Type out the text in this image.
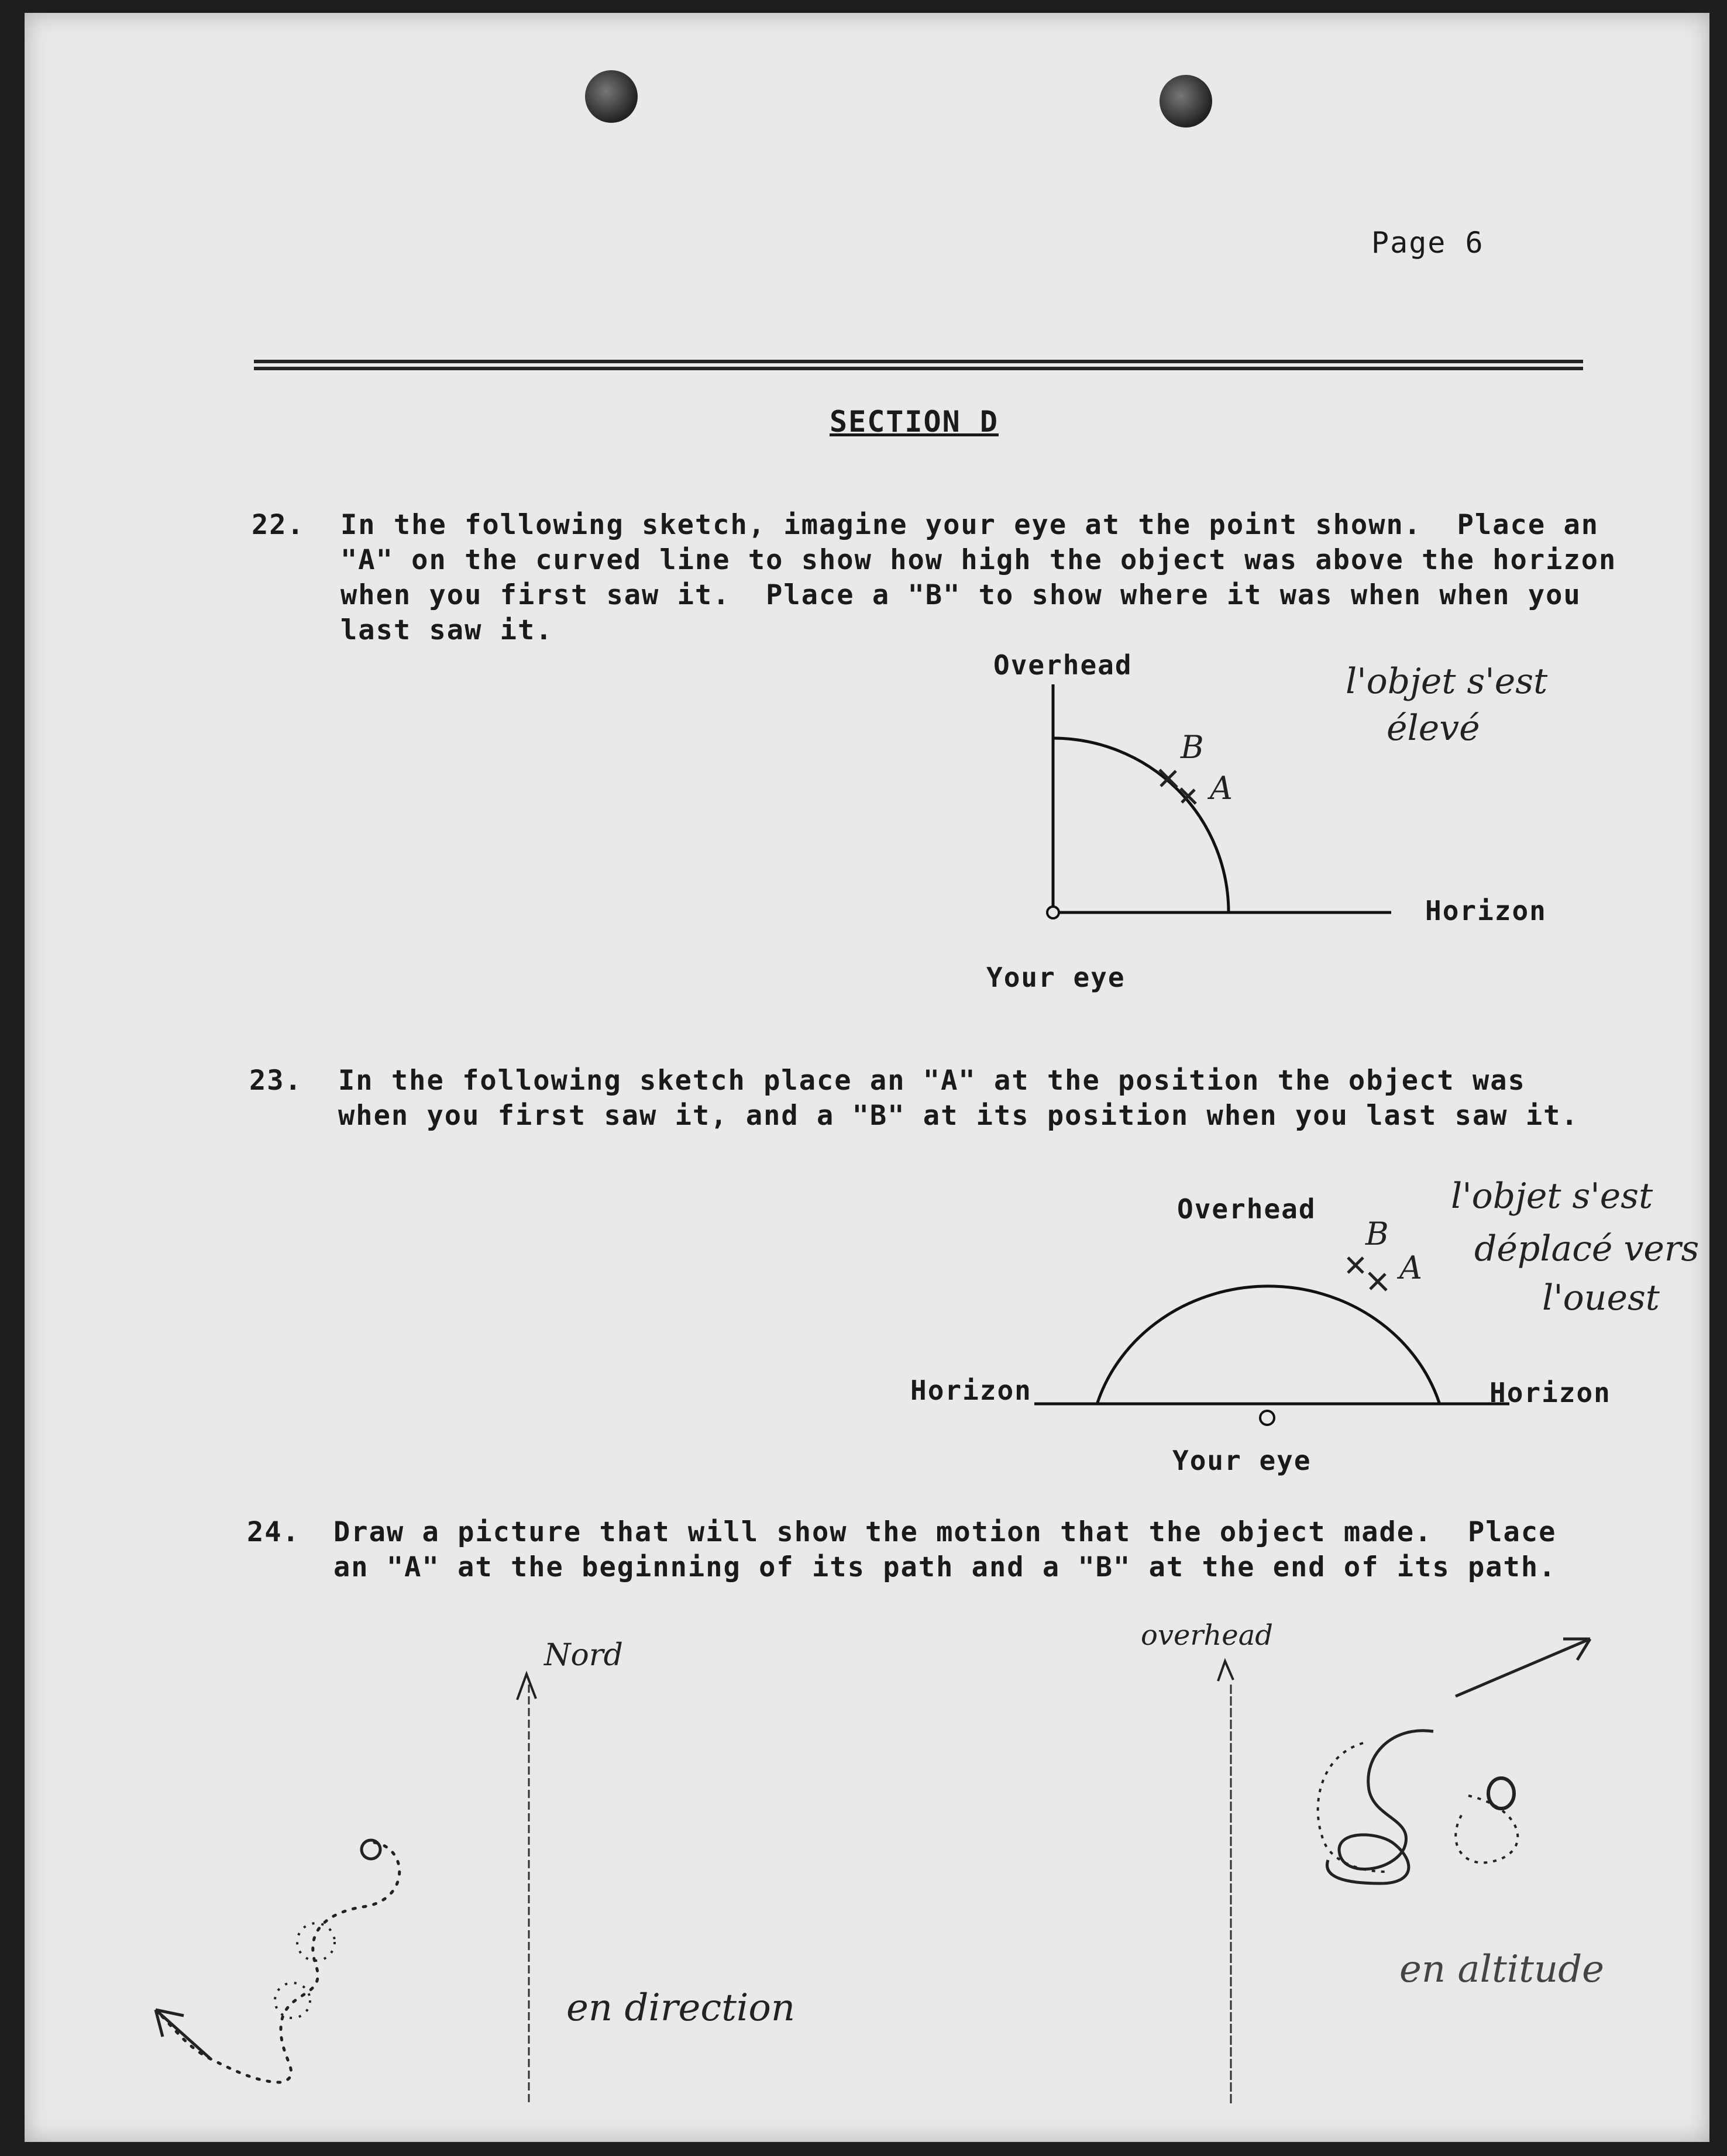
Page 6
SECTION D
22. In the following sketch, imagine your eye at the point shown.  Place an
"A" on the curved line to show how high the object was above the horizon
when you first saw it.  Place a "B" to show where it was when when you
last saw it.
Overhead
Horizon
Your eye
B
A
l'objet s'est
élevé
23. In the following sketch place an "A" at the position the object was
when you first saw it, and a "B" at its position when you last saw it.
Overhead
Horizon	Horizon
Your eye
B
A
l'objet s'est
déplacé vers
l'ouest
24. Draw a picture that will show the motion that the object made.  Place
an "A" at the beginning of its path and a "B" at the end of its path.
Nord
en direction
overhead
en altitude
